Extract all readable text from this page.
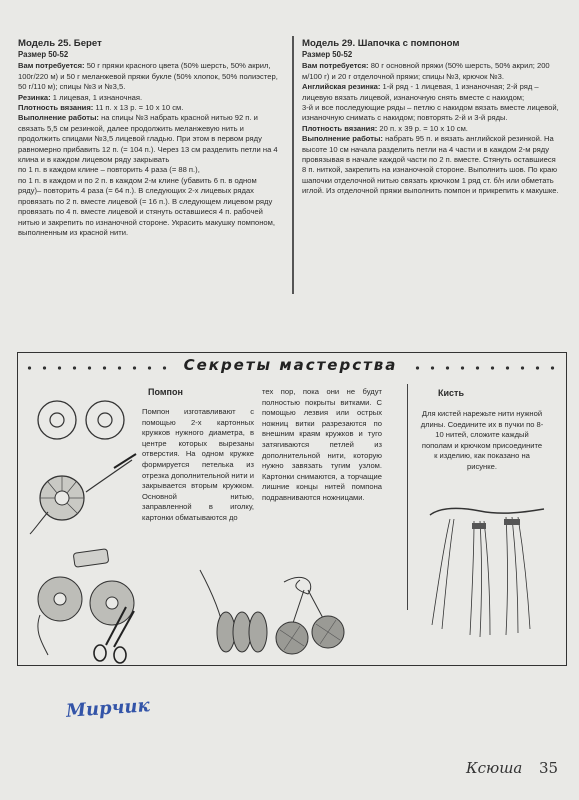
Модель 25. Берет
Размер 50-52

Вам потребуется: 50 г пряжи красного цвета (50% шерсть, 50% акрил, 100г/220 м) и 50 г меланжевой пряжи букле (50% хлопок, 50% полиэстер, 50 г/110 м); спицы №3 и №3,5.

Резинка: 1 лицевая, 1 изнаночная.

Плотность вязания: 11 п. х 13 р. = 10 х 10 см.

Выполнение работы: на спицы №3 набрать красной нитью 92 п. и связать 5,5 см резинкой, далее продолжить меланжевую нить и продолжить спицами №3,5 лицевой гладью. При этом в первом ряду равномерно прибавить 12 п. (= 104 п.). Через 13 см разделить петли на 4 клина и в каждом лицевом ряду закрывать

по 1 п. в каждом клине – повторить 4 раза (= 88 п.),

по 1 п. в каждом и по 2 п. в каждом 2-м клине (убавить 6 п. в одном ряду)– повторить 4 раза (= 64 п.). В следующих 2-х лицевых рядах провязать по 2 п. вместе лицевой (= 16 п.). В следующем лицевом ряду провязать по 4 п. вместе лицевой и стянуть оставшиеся 4 п. рабочей нитью и закрепить по изнаночной стороне. Украсить макушку помпоном, выполненным из красной нити.

Модель 29. Шапочка с помпоном
Размер 50-52

Вам потребуется: 80 г основной пряжи (50% шерсть, 50% акрил; 200 м/100 г) и 20 г отделочной пряжи; спицы №3, крючок №3.

Английская резинка: 1-й ряд - 1 лицевая, 1 изнаночная; 2-й ряд – лицевую вязать лицевой, изнаночную снять вместе с накидом;

3-й и все последующие ряды – петлю с накидом вязать вместе лицевой, изнаночную снимать с накидом; повторять 2-й и 3-й ряды.

Плотность вязания: 20 п. х 39 р. = 10 х 10 см.

Выполнение работы: набрать 95 п. и вязать английской резинкой. На высоте 10 см начала разделить петли на 4 части и в каждом 2-м ряду провязывая в начале каждой части по 2 п. вместе. Стянуть оставшиеся 8 п. ниткой, закрепить на изнаночной стороне. Выполнить шов. По краю шапочки отделочной нитью связать крючком 1 ряд ст. б/н или обметать иглой. Из отделочной пряжи выполнить помпон и прикрепить к макушке.

Секреты мастерства
Помпон
Помпон изготавливают с помощью 2-х картонных кружков нужного диаметра, в центре которых вырезаны отверстия. На одном кружке формируется петелька из отрезка дополнительной нити и закрывается вторым кружком. Основной нитью, заправленной в иголку, картонки обматываются до
тех пор, пока они не будут полностью покрыты витками. С помощью лезвия или острых ножниц витки разрезаются по внешним краям кружков и туго затягиваются петлей из дополнительной нити, которую нужно завязать тугим узлом. Картонки снимаются, а торчащие лишние концы нитей помпона подравниваются ножницами.
Кисть
Для кистей нарежьте нити нужной длины. Соедините их в пучки по 8-10 нитей, сложите каждый пополам и крючком присоедините к изделию, как показано на рисунке.
Мирчик
Ксюша 35
